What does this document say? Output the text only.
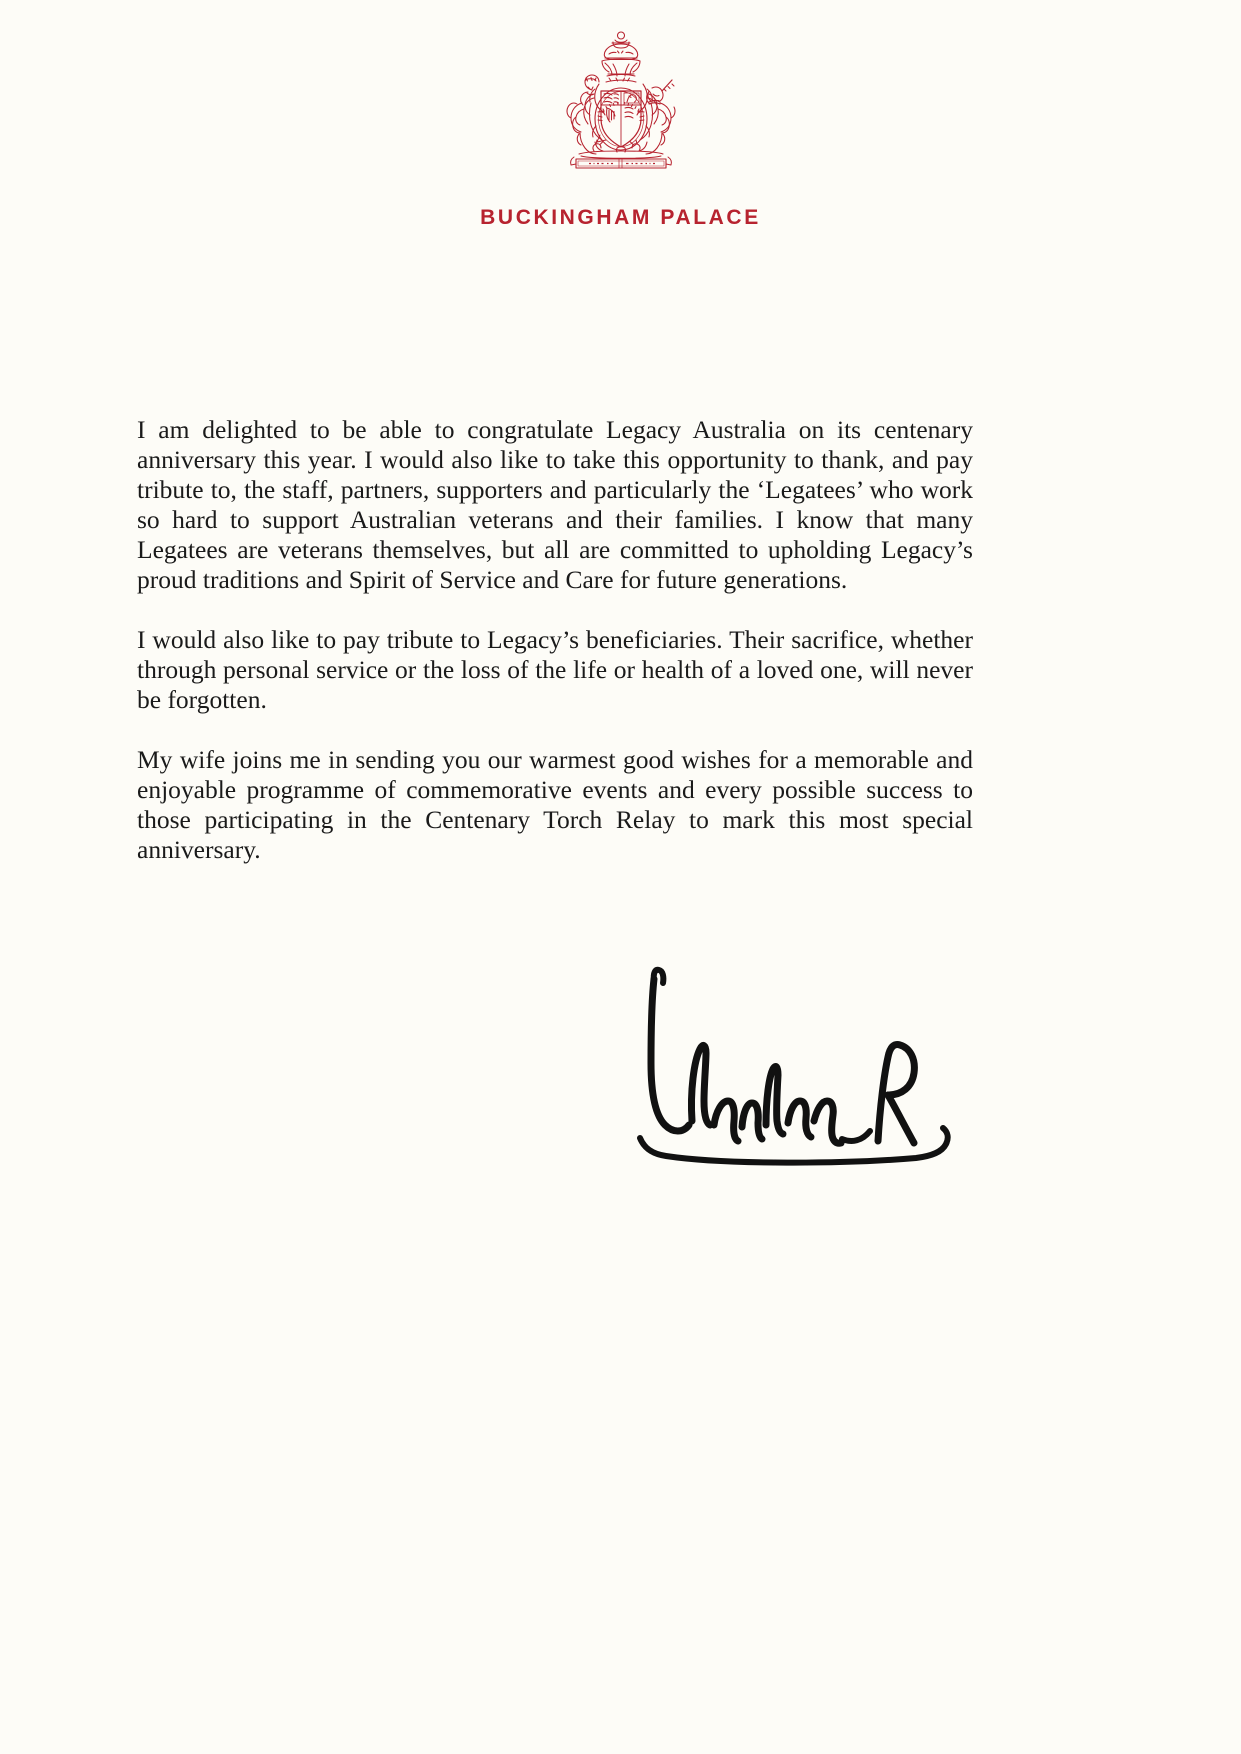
BUCKINGHAM PALACE

I am delighted to be able to congratulate Legacy Australia on its centenary anniversary this year. I would also like to take this opportunity to thank, and pay tribute to, the staff, partners, supporters and particularly the ‘Legatees’ who work so hard to support Australian veterans and their families. I know that many Legatees are veterans themselves, but all are committed to upholding Legacy’s proud traditions and Spirit of Service and Care for future generations.

I would also like to pay tribute to Legacy’s beneficiaries. Their sacrifice, whether through personal service or the loss of the life or health of a loved one, will never be forgotten.

My wife joins me in sending you our warmest good wishes for a memorable and enjoyable programme of commemorative events and every possible success to those participating in the Centenary Torch Relay to mark this most special anniversary.
